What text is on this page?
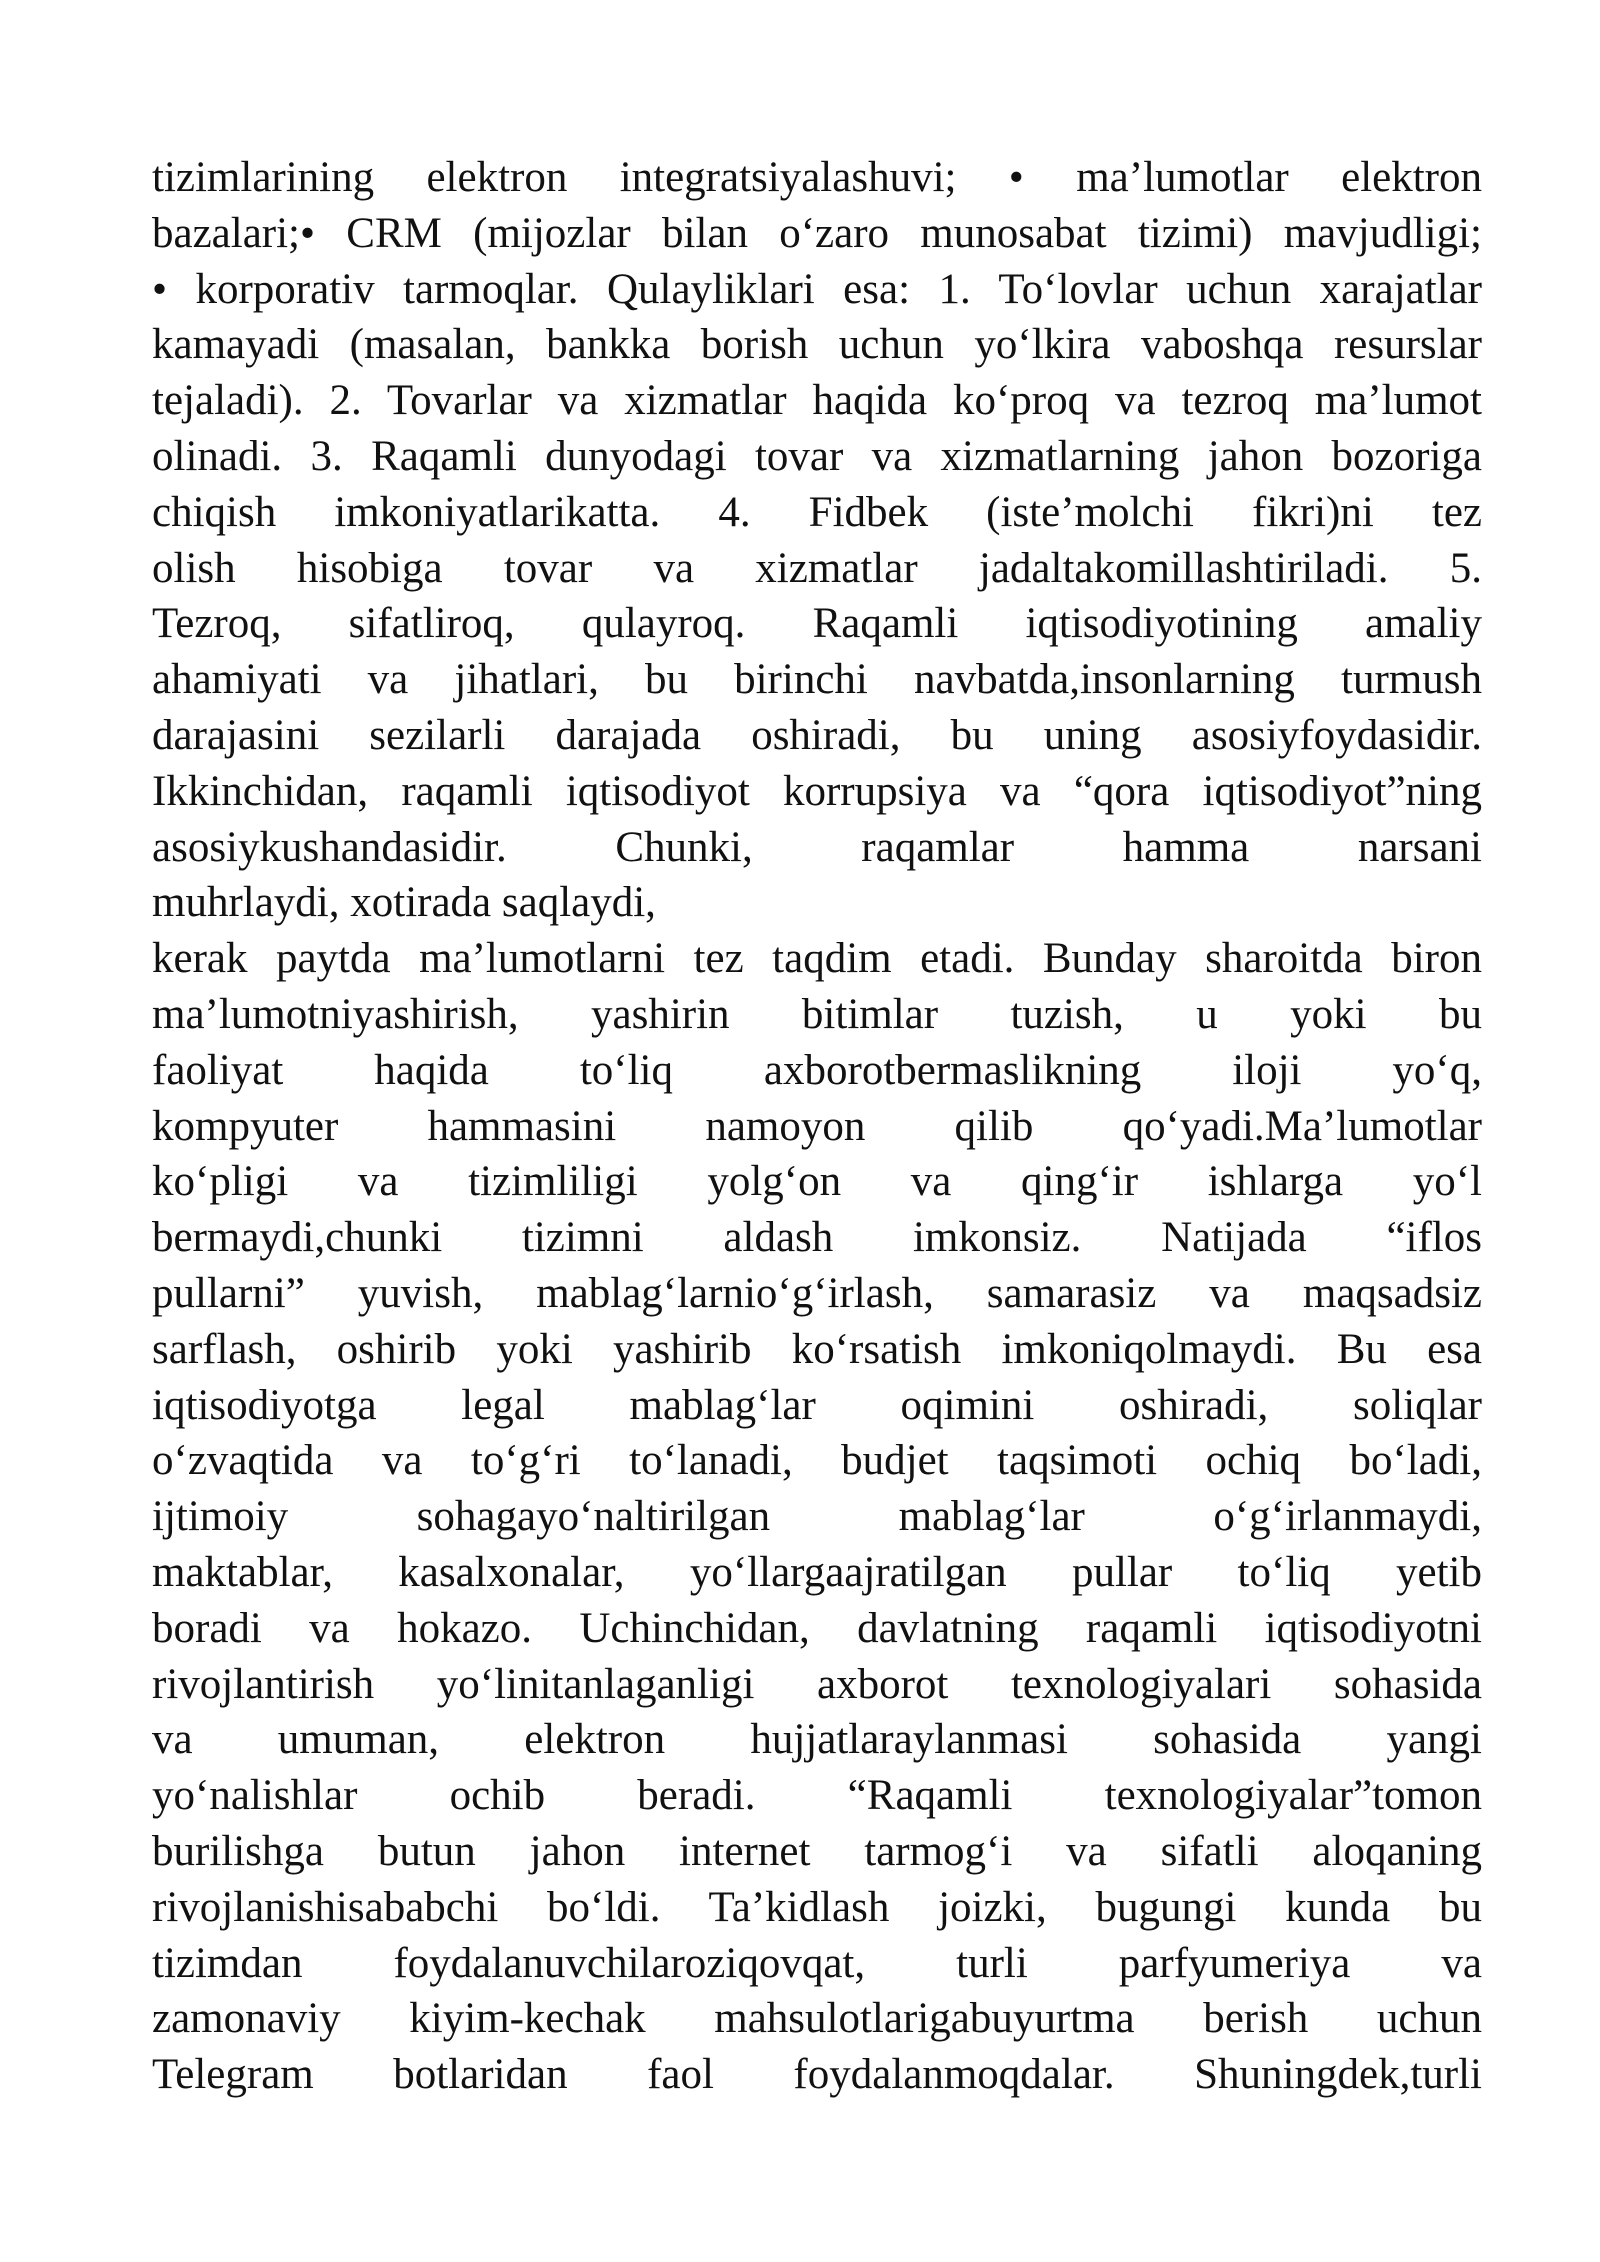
tizimlarining elektron integratsiyalashuvi; • ma’lumotlar elektron
bazalari;• CRM (mijozlar bilan o‘zaro munosabat tizimi) mavjudligi;
• korporativ tarmoqlar. Qulayliklari esa: 1. To‘lovlar uchun xarajatlar
kamayadi (masalan, bankka borish uchun yo‘lkira vaboshqa resurslar
tejaladi). 2. Tovarlar va xizmatlar haqida ko‘proq va tezroq ma’lumot
olinadi. 3. Raqamli dunyodagi tovar va xizmatlarning jahon bozoriga
chiqish imkoniyatlarikatta. 4. Fidbek (iste’molchi fikri)ni tez
olish hisobiga tovar va xizmatlar jadaltakomillashtiriladi. 5.
Tezroq, sifatliroq, qulayroq. Raqamli iqtisodiyotining amaliy
ahamiyati va jihatlari, bu birinchi navbatda,insonlarning turmush
darajasini sezilarli darajada oshiradi, bu uning asosiyfoydasidir.
Ikkinchidan, raqamli iqtisodiyot korrupsiya va “qora iqtisodiyot”ning
asosiykushandasidir. Chunki, raqamlar hamma narsani
muhrlaydi, xotirada saqlaydi,
kerak paytda ma’lumotlarni tez taqdim etadi. Bunday sharoitda biron
ma’lumotniyashirish, yashirin bitimlar tuzish, u yoki bu
faoliyat haqida to‘liq axborotbermaslikning iloji yo‘q,
kompyuter hammasini namoyon qilib qo‘yadi.Ma’lumotlar
ko‘pligi va tizimliligi yolg‘on va qing‘ir ishlarga yo‘l
bermaydi,chunki tizimni aldash imkonsiz. Natijada “iflos
pullarni” yuvish, mablag‘larnio‘g‘irlash, samarasiz va maqsadsiz
sarflash, oshirib yoki yashirib ko‘rsatish imkoniqolmaydi. Bu esa
iqtisodiyotga legal mablag‘lar oqimini oshiradi, soliqlar
o‘zvaqtida va to‘g‘ri to‘lanadi, budjet taqsimoti ochiq bo‘ladi,
ijtimoiy sohagayo‘naltirilgan mablag‘lar o‘g‘irlanmaydi,
maktablar, kasalxonalar, yo‘llargaajratilgan pullar to‘liq yetib
boradi va hokazo. Uchinchidan, davlatning raqamli iqtisodiyotni
rivojlantirish yo‘linitanlaganligi axborot texnologiyalari sohasida
va umuman, elektron hujjatlaraylanmasi sohasida yangi
yo‘nalishlar ochib beradi. “Raqamli texnologiyalar”tomon
burilishga butun jahon internet tarmog‘i va sifatli aloqaning
rivojlanishisababchi bo‘ldi. Ta’kidlash joizki, bugungi kunda bu
tizimdan foydalanuvchilaroziqovqat, turli parfyumeriya va
zamonaviy kiyim-kechak mahsulotlarigabuyurtma berish uchun
Telegram botlaridan faol foydalanmoqdalar. Shuningdek,turli
